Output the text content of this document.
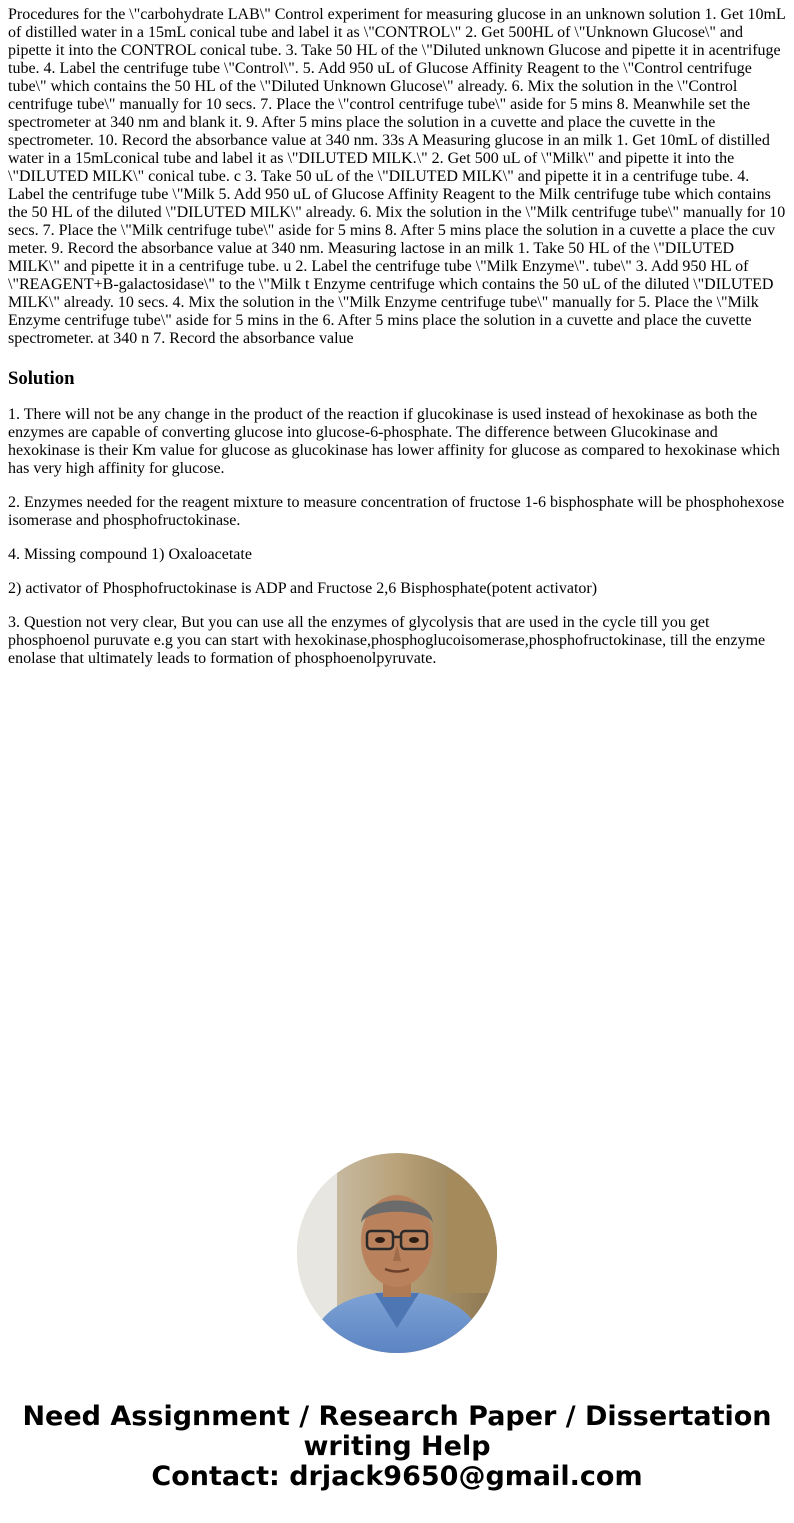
Procedures for the \"carbohydrate LAB\" Control experiment for measuring glucose in an unknown solution 1. Get 10mL of distilled water in a 15mL conical tube and label it as \"CONTROL\" 2. Get 500HL of \"Unknown Glucose\" and pipette it into the CONTROL conical tube. 3. Take 50 HL of the \"Diluted unknown Glucose and pipette it in acentrifuge tube. 4. Label the centrifuge tube \"Control\". 5. Add 950 uL of Glucose Affinity Reagent to the \"Control centrifuge tube\" which contains the 50 HL of the \"Diluted Unknown Glucose\" already. 6. Mix the solution in the \"Control centrifuge tube\" manually for 10 secs. 7. Place the \"control centrifuge tube\" aside for 5 mins 8. Meanwhile set the spectrometer at 340 nm and blank it. 9. After 5 mins place the solution in a cuvette and place the cuvette in the spectrometer. 10. Record the absorbance value at 340 nm. 33s A Measuring glucose in an milk 1. Get 10mL of distilled water in a 15mLconical tube and label it as \"DILUTED MILK.\" 2. Get 500 uL of \"Milk\" and pipette it into the \"DILUTED MILK\" conical tube. c 3. Take 50 uL of the \"DILUTED MILK\" and pipette it in a centrifuge tube. 4. Label the centrifuge tube \"Milk 5. Add 950 uL of Glucose Affinity Reagent to the Milk centrifuge tube which contains the 50 HL of the diluted \"DILUTED MILK\" already. 6. Mix the solution in the \"Milk centrifuge tube\" manually for 10 secs. 7. Place the \"Milk centrifuge tube\" aside for 5 mins 8. After 5 mins place the solution in a cuvette a place the cuv meter. 9. Record the absorbance value at 340 nm. Measuring lactose in an milk 1. Take 50 HL of the \"DILUTED MILK\" and pipette it in a centrifuge tube. u 2. Label the centrifuge tube \"Milk Enzyme\". tube\" 3. Add 950 HL of \"REAGENT+B-galactosidase\" to the \"Milk t Enzyme centrifuge which contains the 50 uL of the diluted \"DILUTED MILK\" already. 10 secs. 4. Mix the solution in the \"Milk Enzyme centrifuge tube\" manually for 5. Place the \"Milk Enzyme centrifuge tube\" aside for 5 mins in the 6. After 5 mins place the solution in a cuvette and place the cuvette spectrometer. at 340 n 7. Record the absorbance value

Solution

1. There will not be any change in the product of the reaction if glucokinase is used instead of hexokinase as both the enzymes are capable of converting glucose into glucose-6-phosphate. The difference between Glucokinase and hexokinase is their Km value for glucose as glucokinase has lower affinity for glucose as compared to hexokinase which has very high affinity for glucose.

2. Enzymes needed for the reagent mixture to measure concentration of fructose 1-6 bisphosphate will be phosphohexose isomerase and phosphofructokinase.

4. Missing compound 1) Oxaloacetate

2) activator of Phosphofructokinase is ADP and Fructose 2,6 Bisphosphate(potent activator)

3. Question not very clear, But you can use all the enzymes of glycolysis that are used in the cycle till you get phosphoenol puruvate e.g you can start with hexokinase,phosphoglucoisomerase,phosphofructokinase, till the enzyme enolase that ultimately leads to formation of phosphoenolpyruvate.

Need Assignment / Research Paper / Dissertation
writing Help
Contact: drjack9650@gmail.com
